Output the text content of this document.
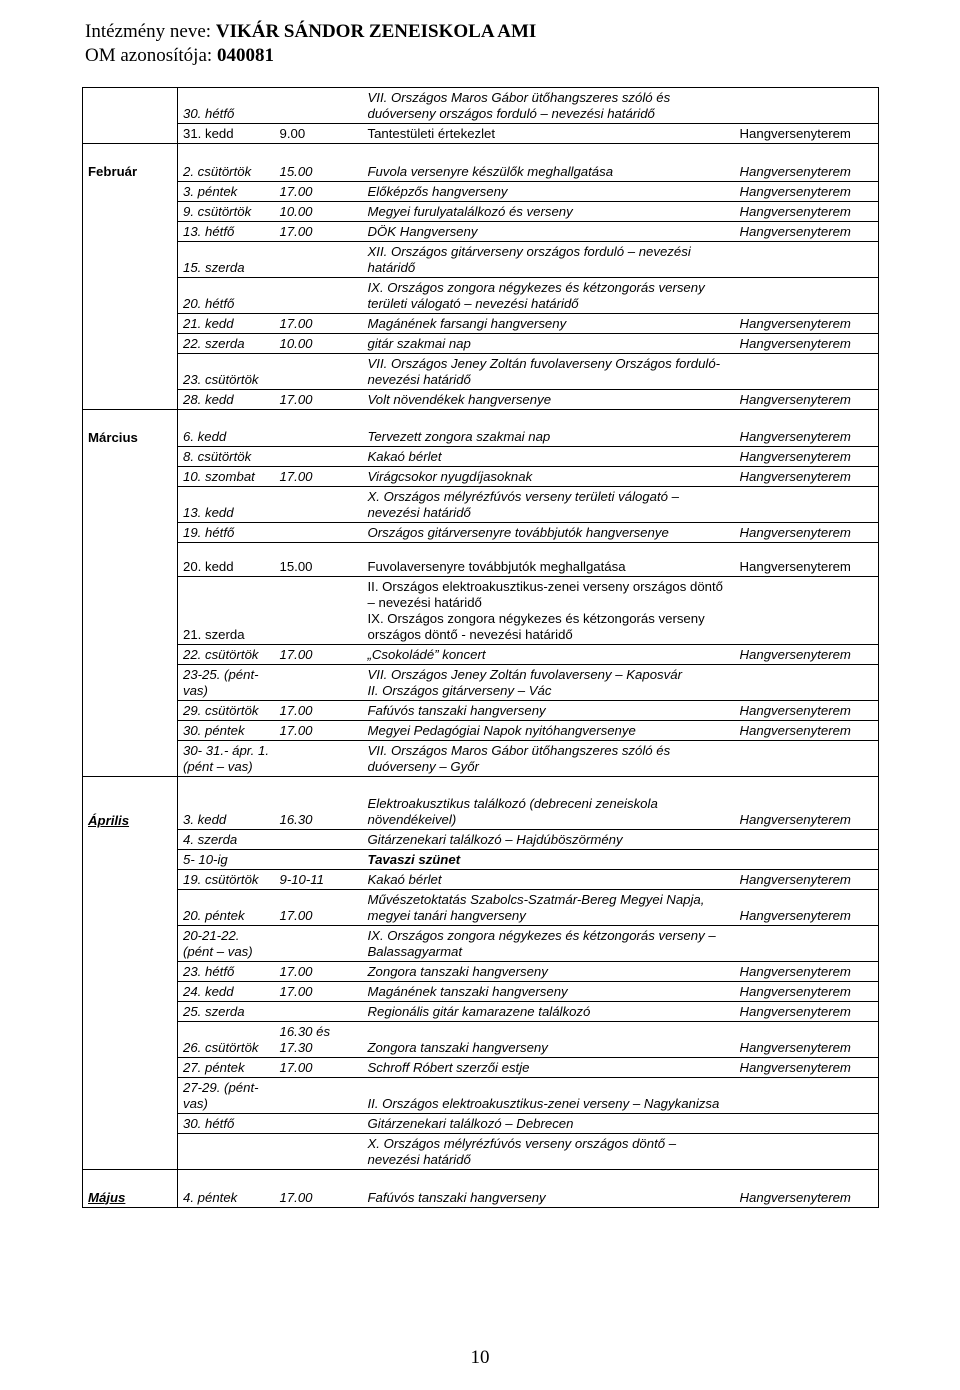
Intézmény neve: VIKÁR SÁNDOR ZENEISKOLA AMI
OM azonosítója: 040081
	30. hétfő		VII. Országos Maros Gábor ütőhangszeres szóló és duóverseny országos forduló – nevezési határidő	

	31. kedd	9.00	Tantestületi értekezlet	Hangversenyterem

Február	2. csütörtök	15.00	Fuvola versenyre készülők meghallgatása	Hangversenyterem
	3. péntek	17.00	Előképzős hangverseny	Hangversenyterem
	9. csütörtök	10.00	Megyei furulyatalálkozó és verseny	Hangversenyterem
	13. hétfő	17.00	DÖK Hangverseny	Hangversenyterem
	15. szerda		XII. Országos gitárverseny országos forduló – nevezési határidő	

	20. hétfő		IX. Országos zongora négykezes és kétzongorás verseny területi válogató – nevezési határidő	

	21. kedd	17.00	Magánének farsangi hangverseny	Hangversenyterem
	22. szerda	10.00	gitár szakmai nap	Hangversenyterem
	23. csütörtök		VII. Országos Jeney Zoltán fuvolaverseny Országos forduló- nevezési határidő	

	28. kedd	17.00	Volt növendékek hangversenye	Hangversenyterem

Március	6. kedd		Tervezett zongora szakmai nap	Hangversenyterem
	8. csütörtök		Kakaó bérlet	Hangversenyterem
	10. szombat	17.00	Virágcsokor nyugdíjasoknak	Hangversenyterem
	13. kedd		X. Országos mélyrézfúvós verseny területi válogató – nevezési határidő	

	19. hétfő		Országos gitárversenyre továbbjutók hangversenye	Hangversenyterem

	20. kedd	15.00	Fuvolaversenyre továbbjutók meghallgatása	Hangversenyterem
	21. szerda		II. Országos elektroakusztikus-zenei verseny országos döntő – nevezési határidő
IX. Országos zongora négykezes és kétzongorás verseny országos döntő - nevezési határidő	

	22. csütörtök	17.00	„Csokoládé” koncert	Hangversenyterem
	23-25. (pént-vas)		VII. Országos Jeney Zoltán fuvolaverseny – Kaposvár
II. Országos gitárverseny – Vác	

	29. csütörtök	17.00	Fafúvós tanszaki hangverseny	Hangversenyterem
	30. péntek	17.00	Megyei Pedagógiai Napok nyitóhangversenye	Hangversenyterem
	30- 31.- ápr. 1. (pént – vas)		VII. Országos Maros Gábor ütőhangszeres szóló és duóverseny – Győr	

Április	3. kedd	16.30	Elektroakusztikus találkozó (debreceni zeneiskola növendékeivel)	Hangversenyterem
	4. szerda		Gitárzenekari találkozó – Hajdúböszörmény	

	5- 10-ig		Tavaszi szünet	

	19. csütörtök	9-10-11	Kakaó bérlet	Hangversenyterem
	20. péntek	17.00	Művészetoktatás Szabolcs-Szatmár-Bereg Megyei Napja, megyei tanári hangverseny	Hangversenyterem
	20-21-22. (pént – vas)		IX. Országos zongora négykezes és kétzongorás verseny – Balassagyarmat	

	23. hétfő	17.00	Zongora tanszaki hangverseny	Hangversenyterem
	24. kedd	17.00	Magánének tanszaki hangverseny	Hangversenyterem
	25. szerda		Regionális gitár kamarazene találkozó	Hangversenyterem
	26. csütörtök	16.30 és 17.30	Zongora tanszaki hangverseny	Hangversenyterem
	27. péntek	17.00	Schroff Róbert szerzői estje	Hangversenyterem
	27-29. (pént-vas)		II. Országos elektroakusztikus-zenei verseny – Nagykanizsa	

	30. hétfő		Gitárzenekari találkozó – Debrecen	

			X. Országos mélyrézfúvós verseny országos döntő – nevezési határidő	

Május	4. péntek	17.00	Fafúvós tanszaki hangverseny	Hangversenyterem
10
